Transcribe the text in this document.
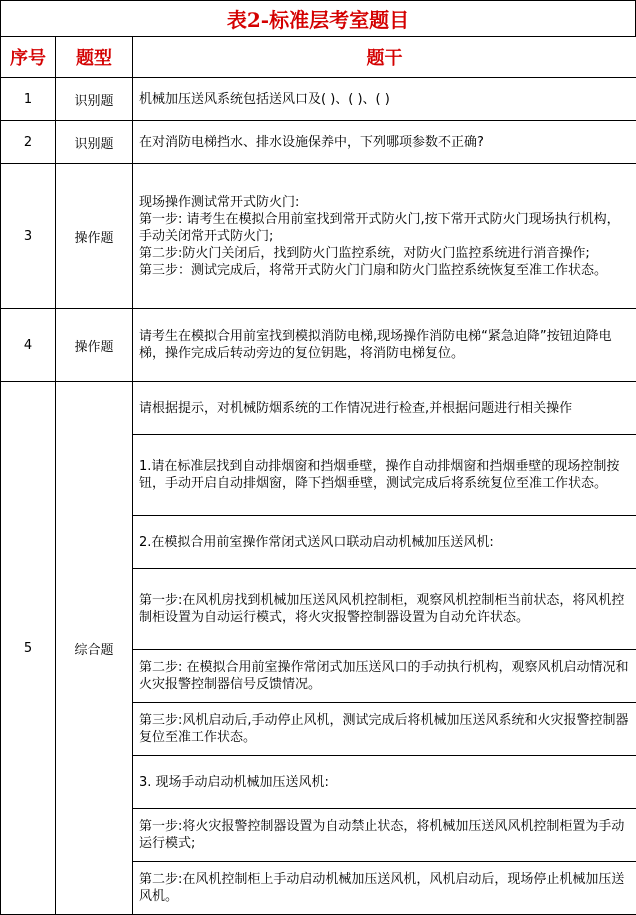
表2-标准层考室题目
序号	题型	题干
1	识别题	机械加压送风系统包括送风口及( )、( )、( )
2	识别题	在对消防电梯挡水、排水设施保养中，下列哪项参数不正确?
3	操作题	现场操作测试常开式防火门:
第一步: 请考生在模拟合用前室找到常开式防火门,按下常开式防火门现场执行机构，手动关闭常开式防火门;
第二步:防火门关闭后，找到防火门监控系统，对防火门监控系统进行消音操作;
第三步：测试完成后，将常开式防火门门扇和防火门监控系统恢复至准工作状态。

4	操作题	请考生在模拟合用前室找到模拟消防电梯,现场操作消防电梯“紧急迫降”按钮迫降电梯，操作完成后转动旁边的复位钥匙，将消防电梯复位。
5	综合题	请根据提示，对机械防烟系统的工作情况进行检查,并根据问题进行相关操作
		1.请在标准层找到自动排烟窗和挡烟垂壁，操作自动排烟窗和挡烟垂壁的现场控制按钮，手动开启自动排烟窗，降下挡烟垂壁，测试完成后将系统复位至准工作状态。
		2.在模拟合用前室操作常闭式送风口联动启动机械加压送风机:
		第一步:在风机房找到机械加压送风风机控制柜，观察风机控制柜当前状态，将风机控制柜设置为自动运行模式，将火灾报警控制器设置为自动允许状态。
		第二步: 在模拟合用前室操作常闭式加压送风口的手动执行机构，观察风机启动情况和火灾报警控制器信号反馈情况。
		第三步:风机启动后,手动停止风机，测试完成后将机械加压送风系统和火灾报警控制器复位至准工作状态。
		3. 现场手动启动机械加压送风机:
		第一步:将火灾报警控制器设置为自动禁止状态，将机械加压送风风机控制柜置为手动运行模式;
		第二步:在风机控制柜上手动启动机械加压送风机，风机启动后，现场停止机械加压送风机。
